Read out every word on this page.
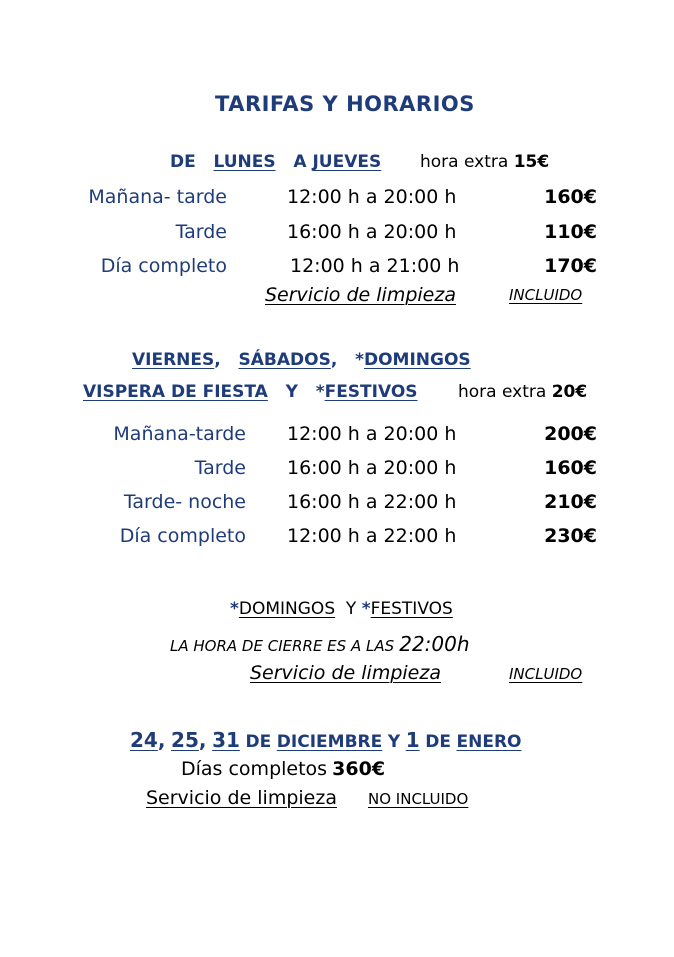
TARIFAS Y HORARIOS
DE LUNES A JUEVES hora extra 15€
Mañana- tarde	12:00 h a 20:00 h	160€
Tarde	16:00 h a 20:00 h	110€
Día completo	12:00 h a 21:00 h	170€
Servicio de limpieza	INCLUIDO
VIERNES, SÁBADOS, *DOMINGOS
VISPERA DE FIESTA Y *FESTIVOS hora extra 20€
Mañana-tarde 12:00 h a 20:00 h	200€
Tarde 16:00 h a 20:00 h	160€
Tarde- noche 16:00 h a 22:00 h	210€
Día completo 12:00 h a 22:00 h	230€
*DOMINGOS Y *FESTIVOS
LA HORA DE CIERRE ES A LAS 22:00h
Servicio de limpieza	INCLUIDO
24, 25, 31 DE DICIEMBRE Y 1 DE ENERO
Días completos 360€
Servicio de limpieza NO INCLUIDO
